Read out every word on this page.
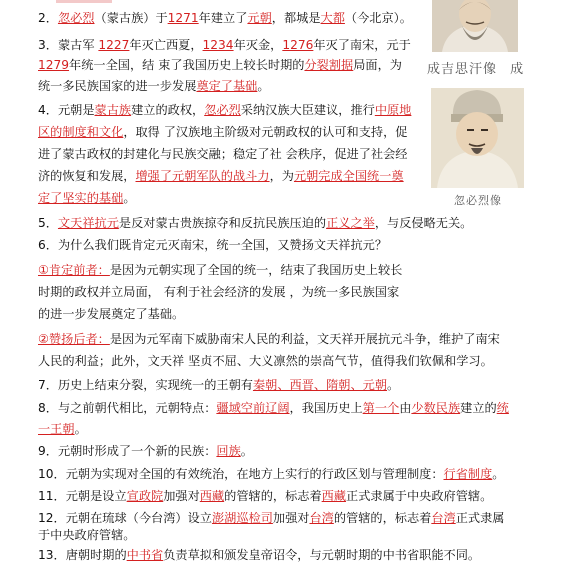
成吉思汗像 成
忽必烈像
2．忽必烈（蒙古族）于1271年建立了元朝，都城是大都（今北京）。
3．蒙古军 1227年灭亡西夏，1234年灭金，1276年灭了南宋，元于
1279年统一全国，结 束了我国历史上较长时期的分裂割据局面，为
统一多民族国家的进一步发展奠定了基础。
4．元朝是蒙古族建立的政权，忽必烈采纳汉族大臣建议，推行中原地
区的制度和文化，取得 了汉族地主阶级对元朝政权的认可和支持，促
进了蒙古政权的封建化与民族交融；稳定了社 会秩序，促进了社会经
济的恢复和发展，增强了元朝军队的战斗力，为元朝完成全国统一奠
定了坚实的基础。
5．文天祥抗元是反对蒙古贵族掠夺和反抗民族压迫的正义之举，与反侵略无关。
6．为什么我们既肯定元灭南宋，统一全国，又赞扬文天祥抗元？
①肯定前者：是因为元朝实现了全国的统一，结束了我国历史上较长
时期的政权并立局面， 有利于社会经济的发展 ，为统一多民族国家
的进一步发展奠定了基础。
②赞扬后者：是因为元军南下威胁南宋人民的利益，文天祥开展抗元斗争，维护了南宋
人民的利益；此外，文天祥 坚贞不屈、大义凛然的崇高气节，值得我们钦佩和学习。
7．历史上结束分裂，实现统一的王朝有秦朝、西晋、隋朝、元朝。
8．与之前朝代相比，元朝特点：疆域空前辽阔，我国历史上第一个由少数民族建立的统
一王朝。
9．元朝时形成了一个新的民族：回族。
10．元朝为实现对全国的有效统治，在地方上实行的行政区划与管理制度：行省制度。
11．元朝是设立宣政院加强对西藏的管辖的，标志着西藏正式隶属于中央政府管辖。
12．元朝在琉球（今台湾）设立澎湖巡检司加强对台湾的管辖的，标志着台湾正式隶属
于中央政府管辖。
13．唐朝时期的中书省负责草拟和颁发皇帝诏令，与元朝时期的中书省职能不同。
